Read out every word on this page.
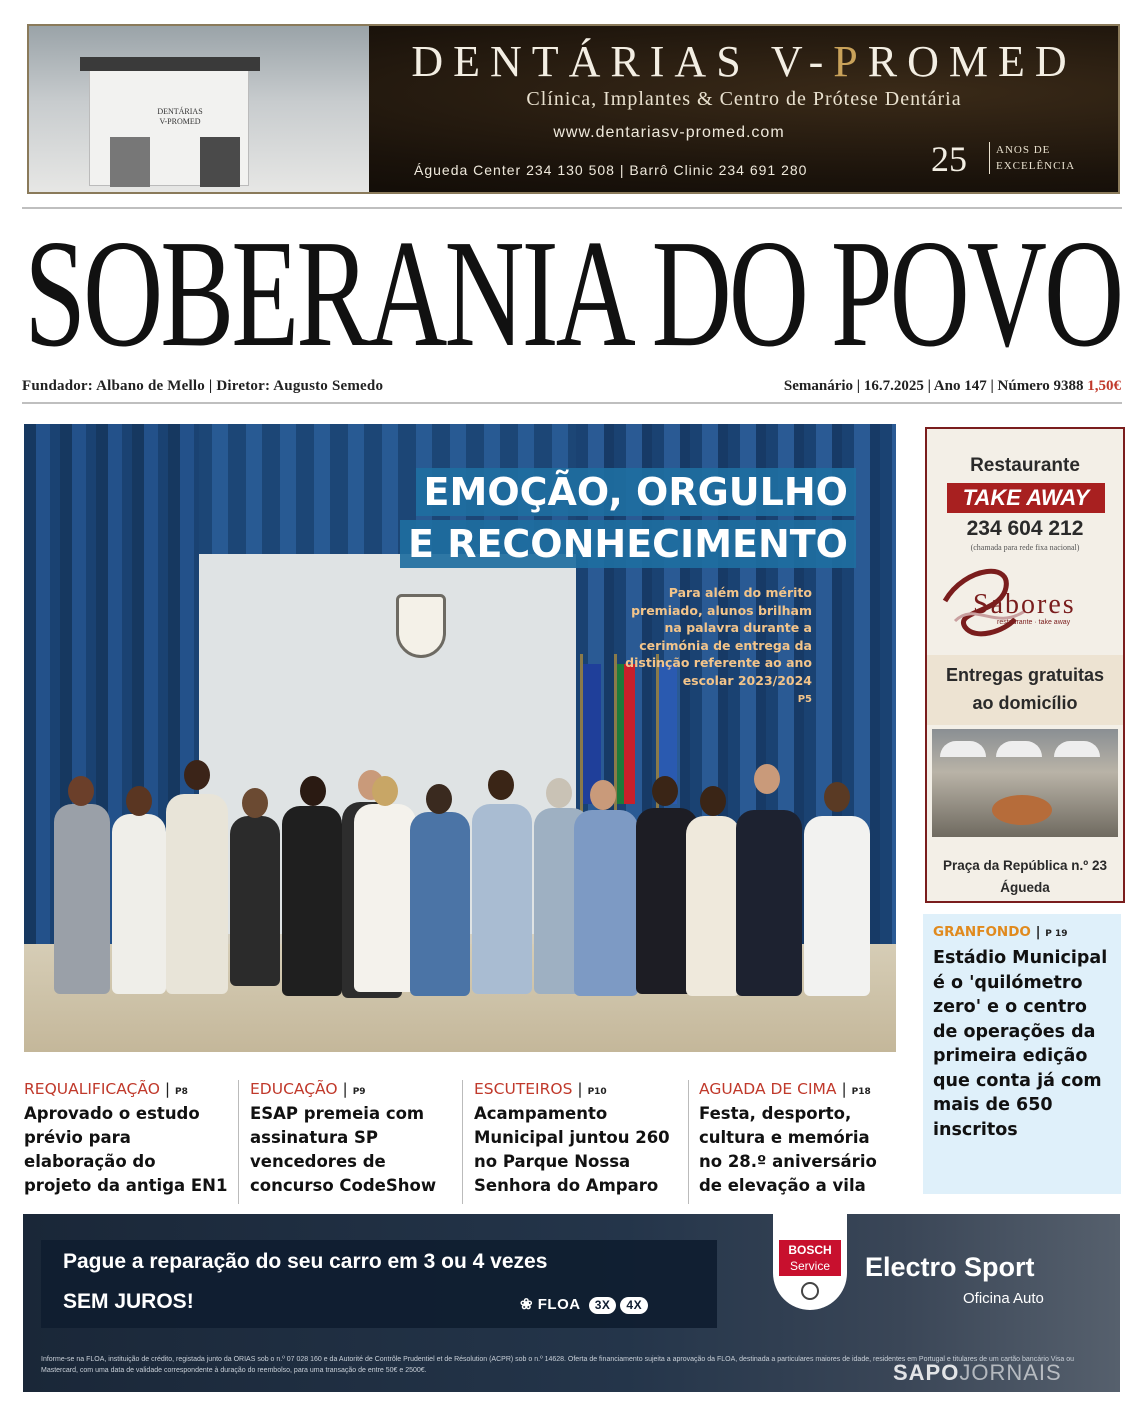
DENTÁRIAS
V-PROMED
DENTÁRIAS V-PROMED
Clínica, Implantes & Centro de Prótese Dentária
www.dentariasv-promed.com
Águeda Center 234 130 508 | Barrô Clinic 234 691 280	25	ANOS DE
EXCELÊNCIA
SOBERANIA DO POVO
Fundador: Albano de Mello | Diretor: Augusto Semedo	Semanário | 16.7.2025 | Ano 147 | Número 9388 1,50€
EMOÇÃO, ORGULHO
E RECONHECIMENTO
Para além do mérito premiado, alunos brilham na palavra durante a cerimónia de entrega da distinção referente ao ano escolar 2023/2024
P5
Restaurante
TAKE AWAY
234 604 212
(chamada para rede fixa nacional)
Sabores
restaurante · take away
Entregas gratuitas
ao domicílio
Praça da República n.º 23
Águeda
GRANFONDO | P 19
Estádio Municipal é o 'quilómetro zero' e o centro de operações da primeira edição que conta já com mais de 650 inscritos
REQUALIFICAÇÃO | P8
Aprovado o estudo prévio para elaboração do projeto da antiga EN1
EDUCAÇÃO | P9
ESAP premeia com assinatura SP vencedores de concurso CodeShow
ESCUTEIROS | P10
Acampamento Municipal juntou 260 no Parque Nossa Senhora do Amparo
AGUADA DE CIMA | P18
Festa, desporto, cultura e memória no 28.º aniversário de elevação a vila
Pague a reparação do seu carro em 3 ou 4 vezes
SEM JUROS!	❀ FLOA 3X 4X
BOSCH
Service	Electro Sport
Oficina Auto
Informe-se na FLOA, instituição de crédito, registada junto da ORIAS sob o n.º 07 028 160 e da Autorité de Contrôle Prudentiel et de Résolution (ACPR) sob o n.º 14628. Oferta de financiamento sujeita a aprovação da FLOA, destinada a particulares maiores de idade, residentes em Portugal e titulares de um cartão bancário Visa ou Mastercard, com uma data de validade correspondente à duração do reembolso, para uma transação de entre 50€ e 2500€.	SAPOJORNAIS
